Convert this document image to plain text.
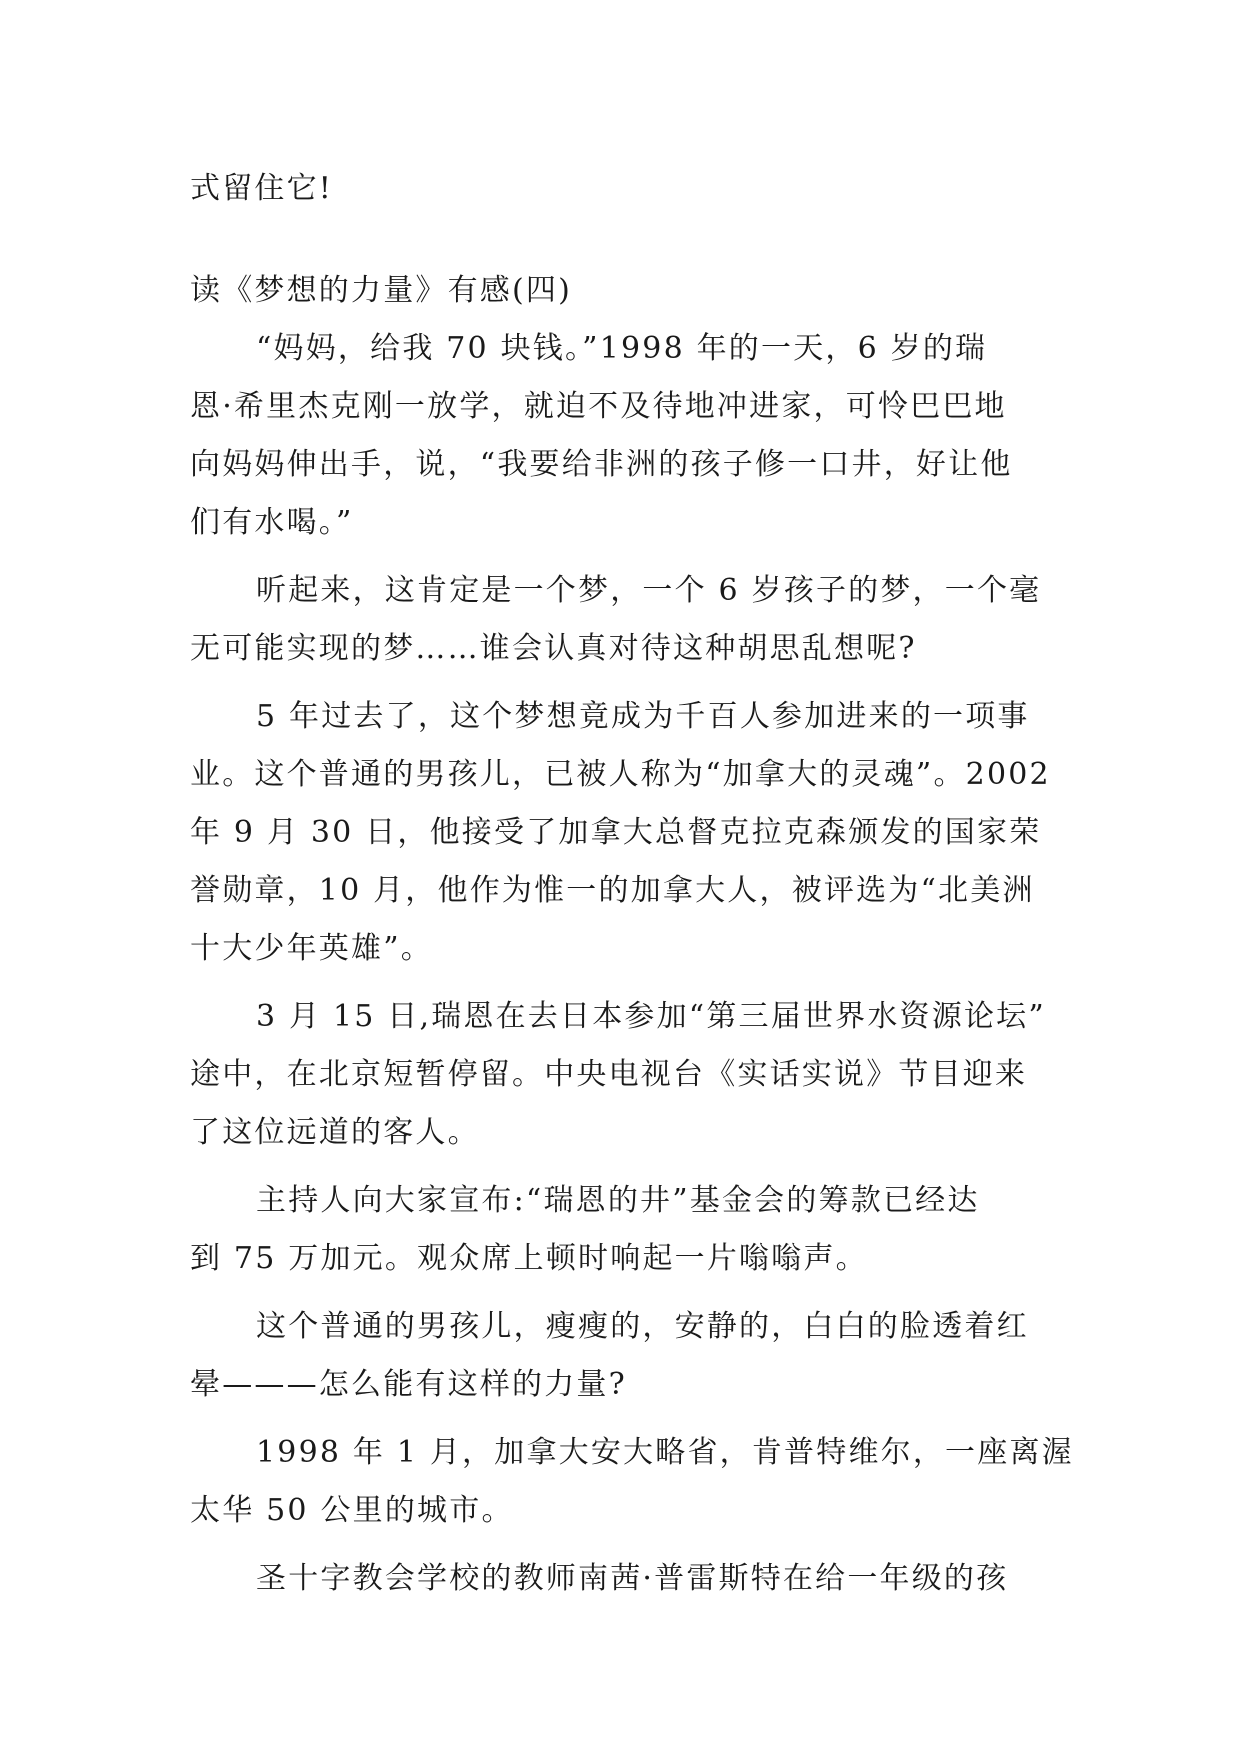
式留住它!
读《梦想的力量》有感(四)
“妈妈，给我 70 块钱。”1998 年的一天，6 岁的瑞
恩·希里杰克刚一放学，就迫不及待地冲进家，可怜巴巴地
向妈妈伸出手，说，“我要给非洲的孩子修一口井，好让他
们有水喝。”
听起来，这肯定是一个梦，一个 6 岁孩子的梦，一个毫
无可能实现的梦……谁会认真对待这种胡思乱想呢?
5 年过去了，这个梦想竟成为千百人参加进来的一项事
业。这个普通的男孩儿，已被人称为“加拿大的灵魂”。2002
年 9 月 30 日，他接受了加拿大总督克拉克森颁发的国家荣
誉勋章，10 月，他作为惟一的加拿大人，被评选为“北美洲
十大少年英雄”。
3 月 15 日,瑞恩在去日本参加“第三届世界水资源论坛”
途中，在北京短暂停留。中央电视台《实话实说》节目迎来
了这位远道的客人。
主持人向大家宣布:“瑞恩的井”基金会的筹款已经达
到 75 万加元。观众席上顿时响起一片嗡嗡声。
这个普通的男孩儿，瘦瘦的，安静的，白白的脸透着红
晕———怎么能有这样的力量?
1998 年 1 月，加拿大安大略省，肯普特维尔，一座离渥
太华 50 公里的城市。
圣十字教会学校的教师南茜·普雷斯特在给一年级的孩
